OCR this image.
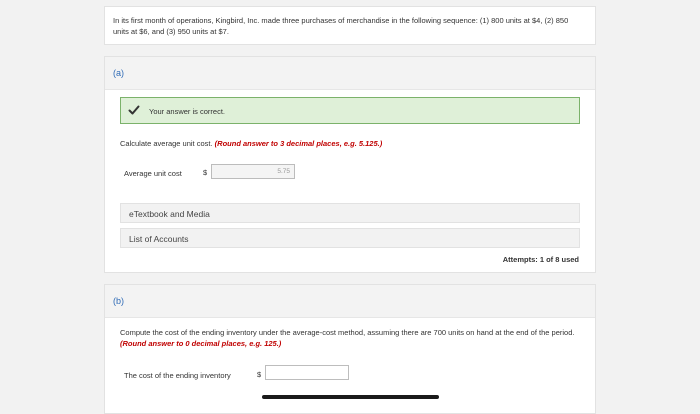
In its first month of operations, Kingbird, Inc. made three purchases of merchandise in the following sequence: (1) 800 units at $4, (2) 850 units at $6, and (3) 950 units at $7.
(a)
Your answer is correct.
Calculate average unit cost. (Round answer to 3 decimal places, e.g. 5.125.)
Average unit cost	$	5.75
eTextbook and Media
List of Accounts
Attempts: 1 of 8 used
(b)
Compute the cost of the ending inventory under the average-cost method, assuming there are 700 units on hand at the end of the period. (Round answer to 0 decimal places, e.g. 125.)
The cost of the ending inventory	$
